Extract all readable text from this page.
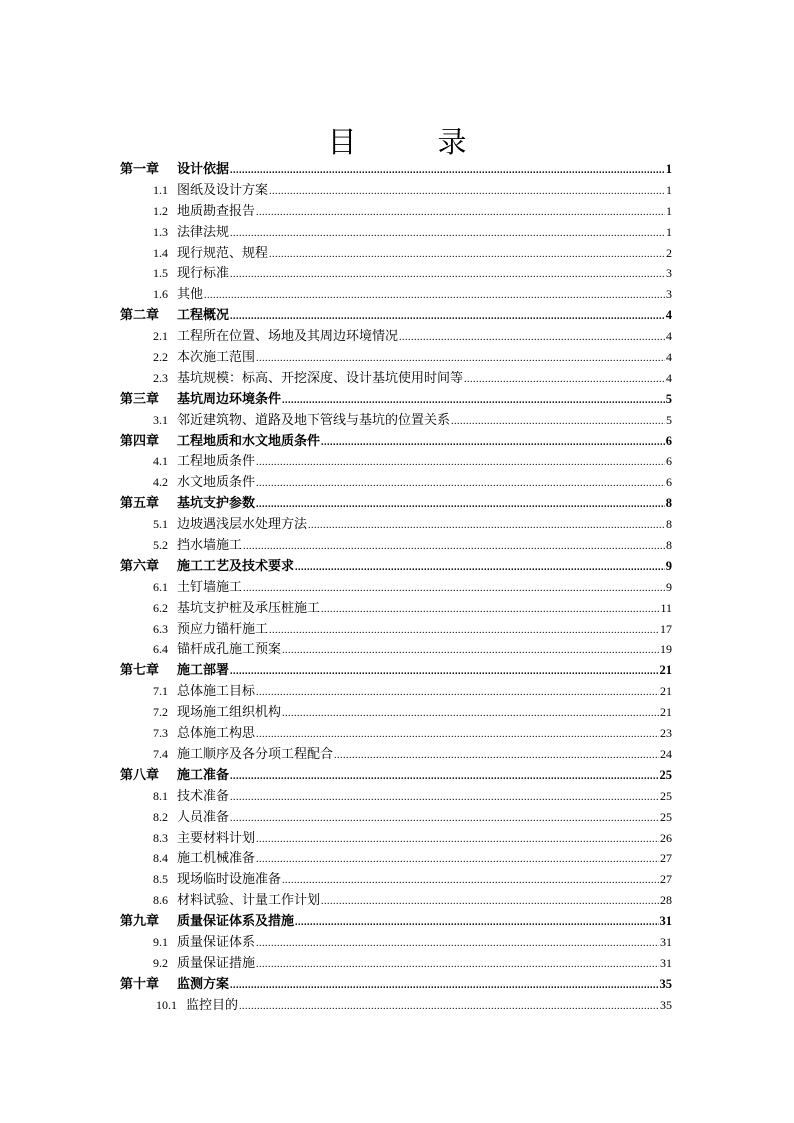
目　录
第一章	设计依据 .....	1
1.1 图纸及设计方案 .....	1
1.2 地质勘查报告 .....	1
1.3 法律法规 .....	1
1.4 现行规范、规程 .....	2
1.5 现行标准 .....	3
1.6 其他 .....	3
第二章	工程概况 .....	4
2.1 工程所在位置、场地及其周边环境情况 .....	4
2.2 本次施工范围 .....	4
2.3 基坑规模：标高、开挖深度、设计基坑使用时间等 .....	4
第三章	基坑周边环境条件 .....	5
3.1 邻近建筑物、道路及地下管线与基坑的位置关系 .....	5
第四章	工程地质和水文地质条件 .....	6
4.1 工程地质条件 .....	6
4.2 水文地质条件 .....	6
第五章	基坑支护参数 .....	8
5.1 边坡遇浅层水处理方法 .....	8
5.2 挡水墙施工 .....	8
第六章	施工工艺及技术要求 .....	9
6.1 土钉墙施工 .....	9
6.2 基坑支护桩及承压桩施工 .....	11
6.3 预应力锚杆施工 .....	17
6.4 锚杆成孔施工预案 .....	19
第七章	施工部署 .....	21
7.1 总体施工目标 .....	21
7.2 现场施工组织机构 .....	21
7.3 总体施工构思 .....	23
7.4 施工顺序及各分项工程配合 .....	24
第八章	施工准备 .....	25
8.1 技术准备 .....	25
8.2 人员准备 .....	25
8.3 主要材料计划 .....	26
8.4 施工机械准备 .....	27
8.5 现场临时设施准备 .....	27
8.6 材料试验、计量工作计划 .....	28
第九章	质量保证体系及措施 .....	31
9.1 质量保证体系 .....	31
9.2 质量保证措施 .....	31
第十章	监测方案 .....	35
10.1 监控目的 .....	35
